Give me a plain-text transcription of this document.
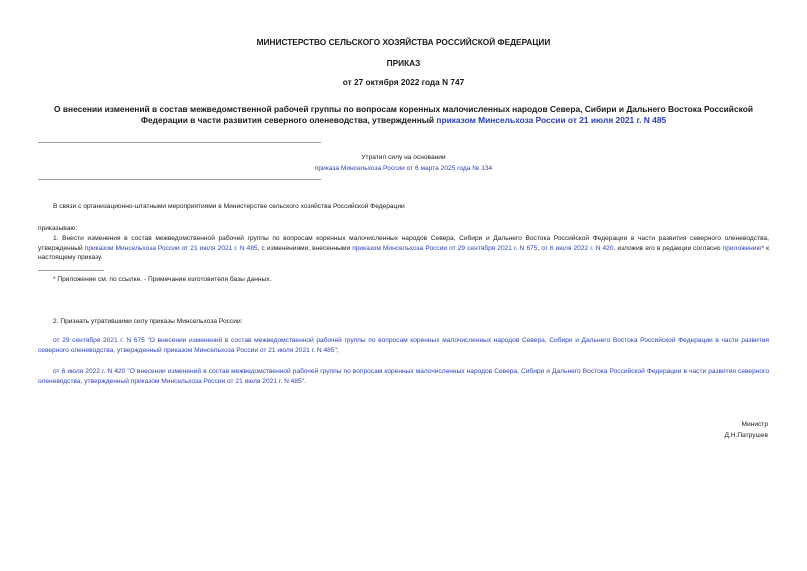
МИНИСТЕРСТВО СЕЛЬСКОГО ХОЗЯЙСТВА РОССИЙСКОЙ ФЕДЕРАЦИИ
ПРИКАЗ
от 27 октября 2022 года N 747
О внесении изменений в состав межведомственной рабочей группы по вопросам коренных малочисленных народов Севера, Сибири и Дальнего Востока Российской Федерации в части развития северного оленеводства, утвержденный приказом Минсельхоза России от 21 июля 2021 г. N 485
Утратил силу на основании
приказа Минсельхоза России от 6 марта 2025 года № 134
В связи с организационно-штатными мероприятиями в Министерстве сельского хозяйства Российской Федерации
приказываю:
1. Внести изменения в состав межведомственной рабочей группы по вопросам коренных малочисленных народов Севера, Сибири и Дальнего Востока Российской Федерации в части развития северного оленеводства, утвержденный приказом Минсельхоза России от 21 июля 2021 г. N 485, с изменениями, внесенными приказом Минсельхоза России от 29 сентября 2021 г. N 675, от 6 июля 2022 г. N 420, изложив его в редакции согласно приложению* к настоящему приказу.
* Приложение см. по ссылке. - Примечание изготовителя базы данных.
2. Признать утратившими силу приказы Минсельхоза России:
от 29 сентября 2021 г. N 675 "О внесении изменений в состав межведомственной рабочей группы по вопросам коренных малочисленных народов Севера, Сибири и Дальнего Востока Российской Федерации в части развития северного оленеводства, утвержденный приказом Минсельхоза России от 21 июля 2021 г. N 485";
от 6 июля 2022 г. N 420 "О внесении изменений в состав межведомственной рабочей группы по вопросам коренных малочисленных народов Севера, Сибири и Дальнего Востока Российской Федерации в части развития северного оленеводства, утвержденный приказом Минсельхоза России от 21 июля 2021 г. N 485".
Министр
Д.Н.Патрушев
